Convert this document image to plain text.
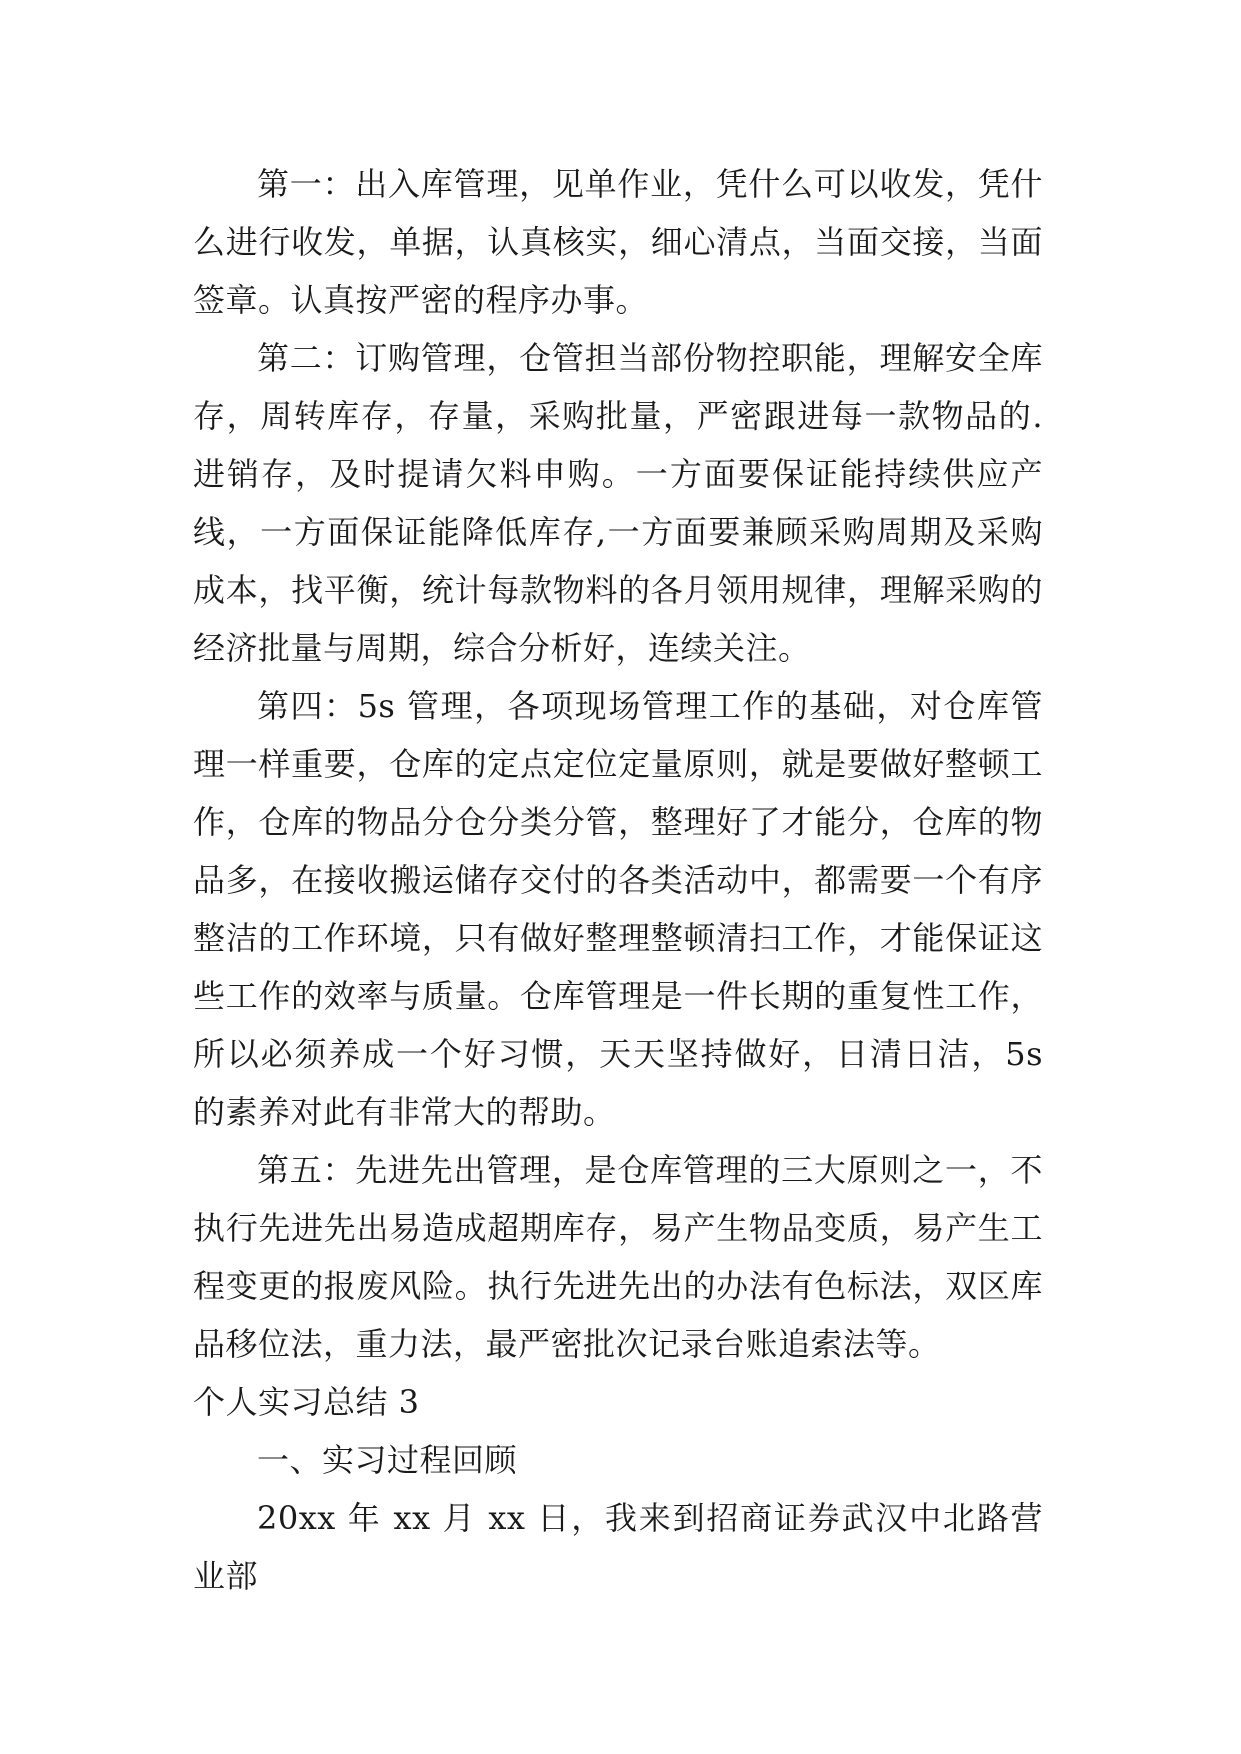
第一：出入库管理，见单作业，凭什么可以收发，凭什么进行收发，单据，认真核实，细心清点，当面交接，当面签章。认真按严密的程序办事。

第二：订购管理，仓管担当部份物控职能，理解安全库存，周转库存，存量，采购批量，严密跟进每一款物品的.进销存，及时提请欠料申购。一方面要保证能持续供应产线，一方面保证能降低库存,一方面要兼顾采购周期及采购成本，找平衡，统计每款物料的各月领用规律，理解采购的经济批量与周期，综合分析好，连续关注。

第四：5s 管理，各项现场管理工作的基础，对仓库管理一样重要，仓库的定点定位定量原则，就是要做好整顿工作，仓库的物品分仓分类分管，整理好了才能分，仓库的物品多，在接收搬运储存交付的各类活动中，都需要一个有序整洁的工作环境，只有做好整理整顿清扫工作，才能保证这些工作的效率与质量。仓库管理是一件长期的重复性工作，所以必须养成一个好习惯，天天坚持做好，日清日洁，5s 的素养对此有非常大的帮助。

第五：先进先出管理，是仓库管理的三大原则之一，不执行先进先出易造成超期库存，易产生物品变质，易产生工程变更的报废风险。执行先进先出的办法有色标法，双区库品移位法，重力法，最严密批次记录台账追索法等。

个人实习总结 3

一、实习过程回顾

20xx 年 xx 月 xx 日，我来到招商证券武汉中北路营业部
